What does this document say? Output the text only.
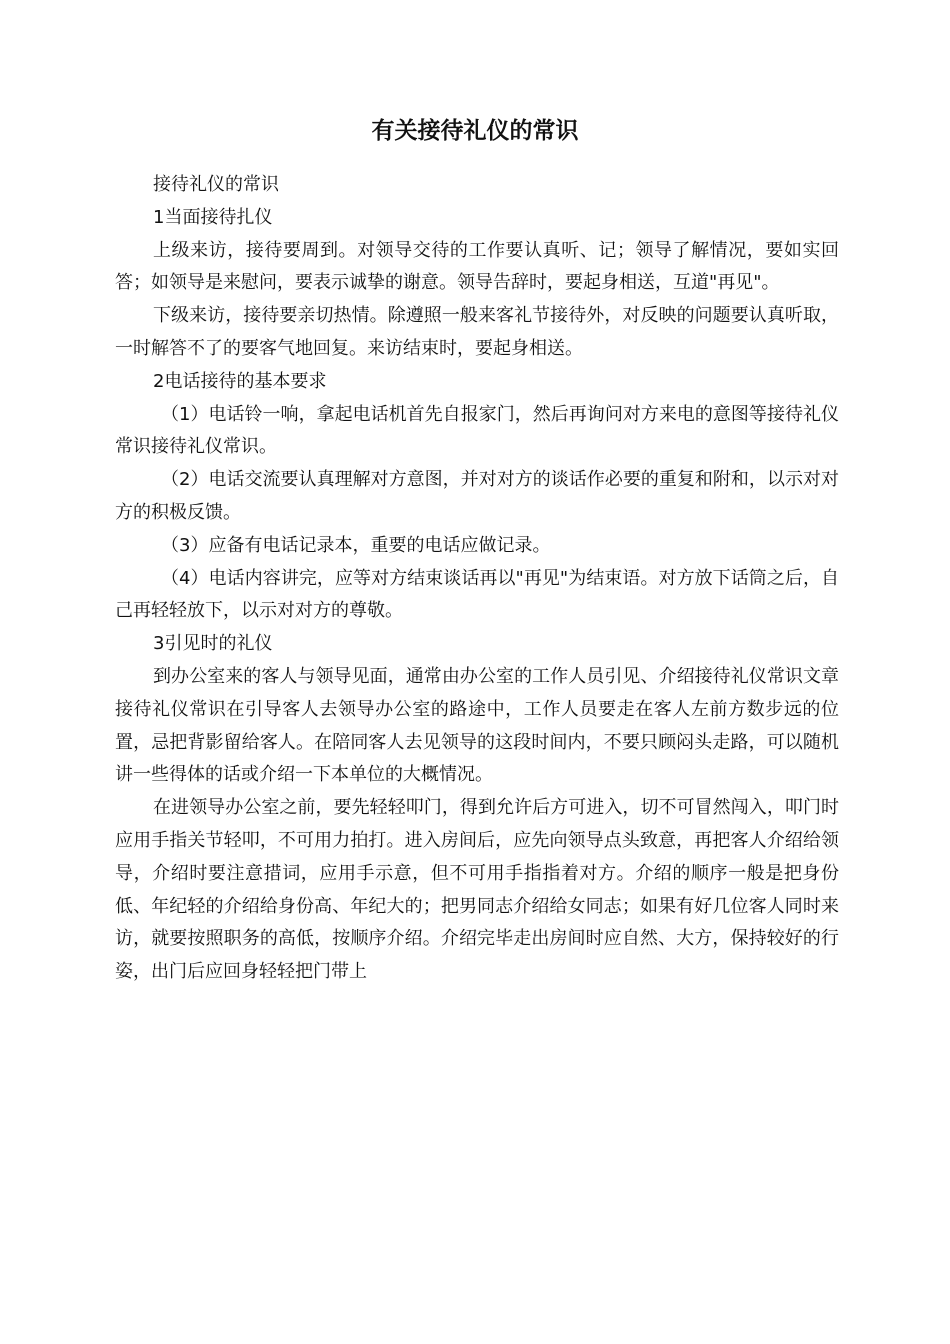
有关接待礼仪的常识

接待礼仪的常识

1当面接待扎仪

上级来访，接待要周到。对领导交待的工作要认真听、记；领导了解情况，要如实回答；如领导是来慰问，要表示诚挚的谢意。领导告辞时，要起身相送，互道"再见"。

下级来访，接待要亲切热情。除遵照一般来客礼节接待外，对反映的问题要认真听取，一时解答不了的要客气地回复。来访结束时，要起身相送。

2电话接待的基本要求

（1）电话铃一响，拿起电话机首先自报家门，然后再询问对方来电的意图等接待礼仪常识接待礼仪常识。

（2）电话交流要认真理解对方意图，并对对方的谈话作必要的重复和附和，以示对对方的积极反馈。

（3）应备有电话记录本，重要的电话应做记录。

（4）电话内容讲完，应等对方结束谈话再以"再见"为结束语。对方放下话筒之后，自己再轻轻放下，以示对对方的尊敬。

3引见时的礼仪

到办公室来的客人与领导见面，通常由办公室的工作人员引见、介绍接待礼仪常识文章接待礼仪常识在引导客人去领导办公室的路途中，工作人员要走在客人左前方数步远的位置，忌把背影留给客人。在陪同客人去见领导的这段时间内，不要只顾闷头走路，可以随机讲一些得体的话或介绍一下本单位的大概情况。

在进领导办公室之前，要先轻轻叩门，得到允许后方可进入，切不可冒然闯入，叩门时应用手指关节轻叩，不可用力拍打。进入房间后，应先向领导点头致意，再把客人介绍给领导，介绍时要注意措词，应用手示意，但不可用手指指着对方。介绍的顺序一般是把身份低、年纪轻的介绍给身份高、年纪大的；把男同志介绍给女同志；如果有好几位客人同时来访，就要按照职务的高低，按顺序介绍。介绍完毕走出房间时应自然、大方，保持较好的行姿，出门后应回身轻轻把门带上
